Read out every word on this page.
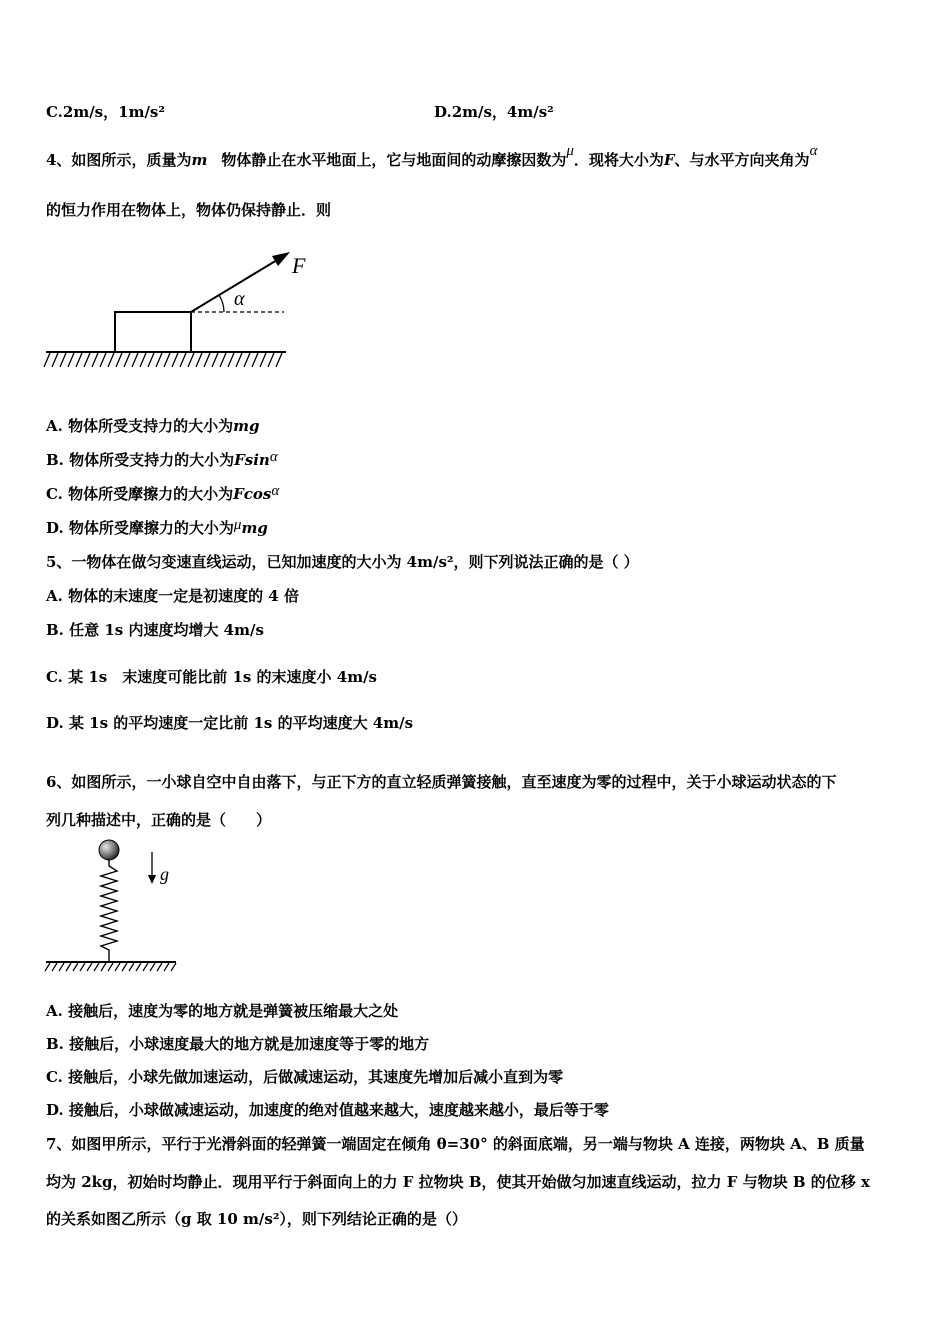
C.2m/s，1m/s²	D.2m/s，4m/s²
4、如图所示，质量为m 物体静止在水平地面上，它与地面间的动摩擦因数为μ．现将大小为F、与水平方向夹角为α
的恒力作用在物体上，物体仍保持静止．则
F
α
A. 物体所受支持力的大小为mg
B. 物体所受支持力的大小为Fsinα
C. 物体所受摩擦力的大小为Fcosα
D. 物体所受摩擦力的大小为μmg
5、一物体在做匀变速直线运动，已知加速度的大小为 4m/s²，则下列说法正确的是（ ）
A. 物体的末速度一定是初速度的 4 倍
B. 任意 1s 内速度均增大 4m/s
C. 某 1s　末速度可能比前 1s 的末速度小 4m/s
D. 某 1s 的平均速度一定比前 1s 的平均速度大 4m/s
6、如图所示，一小球自空中自由落下，与正下方的直立轻质弹簧接触，直至速度为零的过程中，关于小球运动状态的下
列几种描述中，正确的是（　　）
g
A. 接触后，速度为零的地方就是弹簧被压缩最大之处
B. 接触后，小球速度最大的地方就是加速度等于零的地方
C. 接触后，小球先做加速运动，后做减速运动，其速度先增加后减小直到为零
D. 接触后，小球做减速运动，加速度的绝对值越来越大，速度越来越小，最后等于零
7、如图甲所示，平行于光滑斜面的轻弹簧一端固定在倾角 θ=30° 的斜面底端，另一端与物块 A 连接，两物块 A、B 质量
均为 2kg，初始时均静止．现用平行于斜面向上的力 F 拉物块 B，使其开始做匀加速直线运动，拉力 F 与物块 B 的位移 x
的关系如图乙所示（g 取 10 m/s²），则下列结论正确的是（）
